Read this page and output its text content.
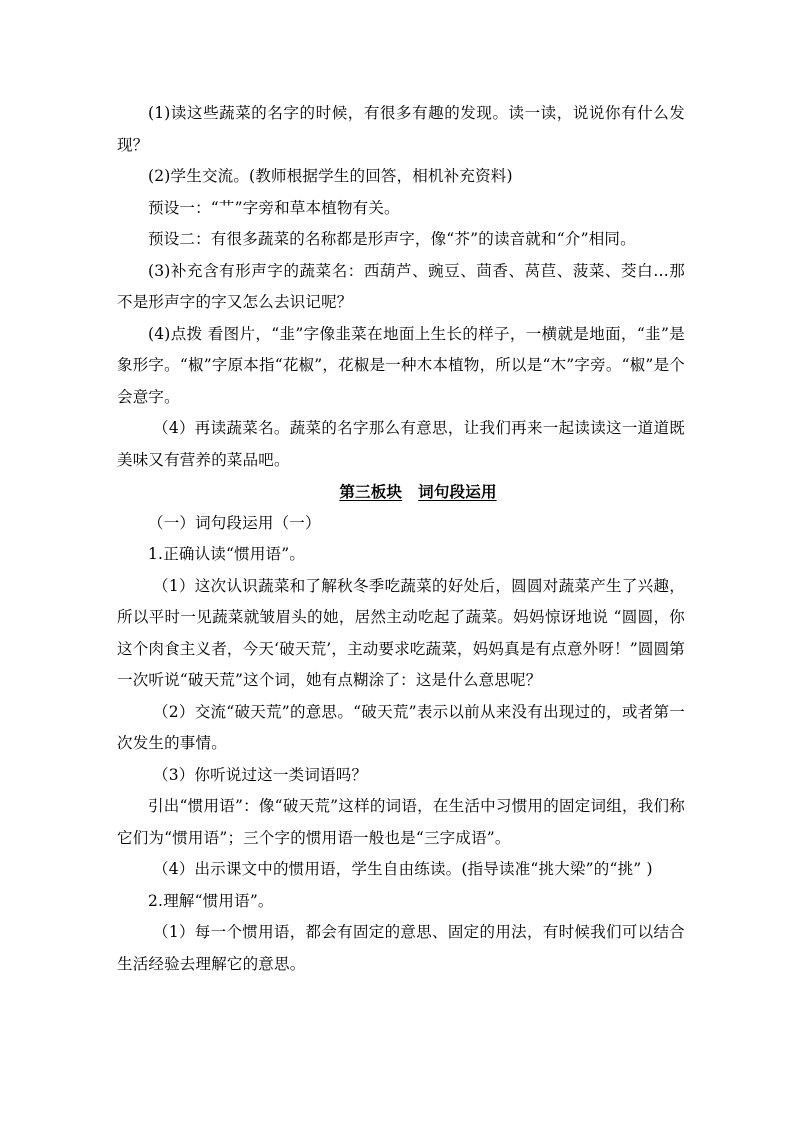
(1)读这些蔬菜的名字的时候，有很多有趣的发现。读一读，说说你有什么发现？

(2)学生交流。(教师根据学生的回答，相机补充资料)

预设一：“艹”字旁和草本植物有关。

预设二：有很多蔬菜的名称都是形声字，像“芥”的读音就和“介”相同。

(3)补充含有形声字的蔬菜名：西葫芦、豌豆、茴香、莴苣、菠菜、茭白…那不是形声字的字又怎么去识记呢？

(4)点拨 看图片，“韭”字像韭菜在地面上生长的样子，一横就是地面，“韭”是象形字。“椒”字原本指“花椒”，花椒是一种木本植物，所以是“木”字旁。“椒”是个会意字。

（4）再读蔬菜名。蔬菜的名字那么有意思，让我们再来一起读读这一道道既美味又有营养的菜品吧。

第三板块 词句段运用

（一）词句段运用（一）

1.正确认读“惯用语”。

（1）这次认识蔬菜和了解秋冬季吃蔬菜的好处后，圆圆对蔬菜产生了兴趣，所以平时一见蔬菜就皱眉头的她，居然主动吃起了蔬菜。妈妈惊讶地说 “圆圆，你这个肉食主义者，今天‘破天荒’，主动要求吃蔬菜，妈妈真是有点意外呀！”圆圆第一次听说“破天荒”这个词，她有点糊涂了：这是什么意思呢？

（2）交流“破天荒”的意思。“破天荒”表示以前从来没有出现过的，或者第一次发生的事情。

（3）你听说过这一类词语吗？

引出“惯用语”：像“破天荒”这样的词语，在生活中习惯用的固定词组，我们称它们为“惯用语”；三个字的惯用语一般也是“三字成语”。

（4）出示课文中的惯用语，学生自由练读。(指导读准“挑大梁”的“挑” )

2.理解“惯用语”。

（1）每一个惯用语，都会有固定的意思、固定的用法，有时候我们可以结合生活经验去理解它的意思。
